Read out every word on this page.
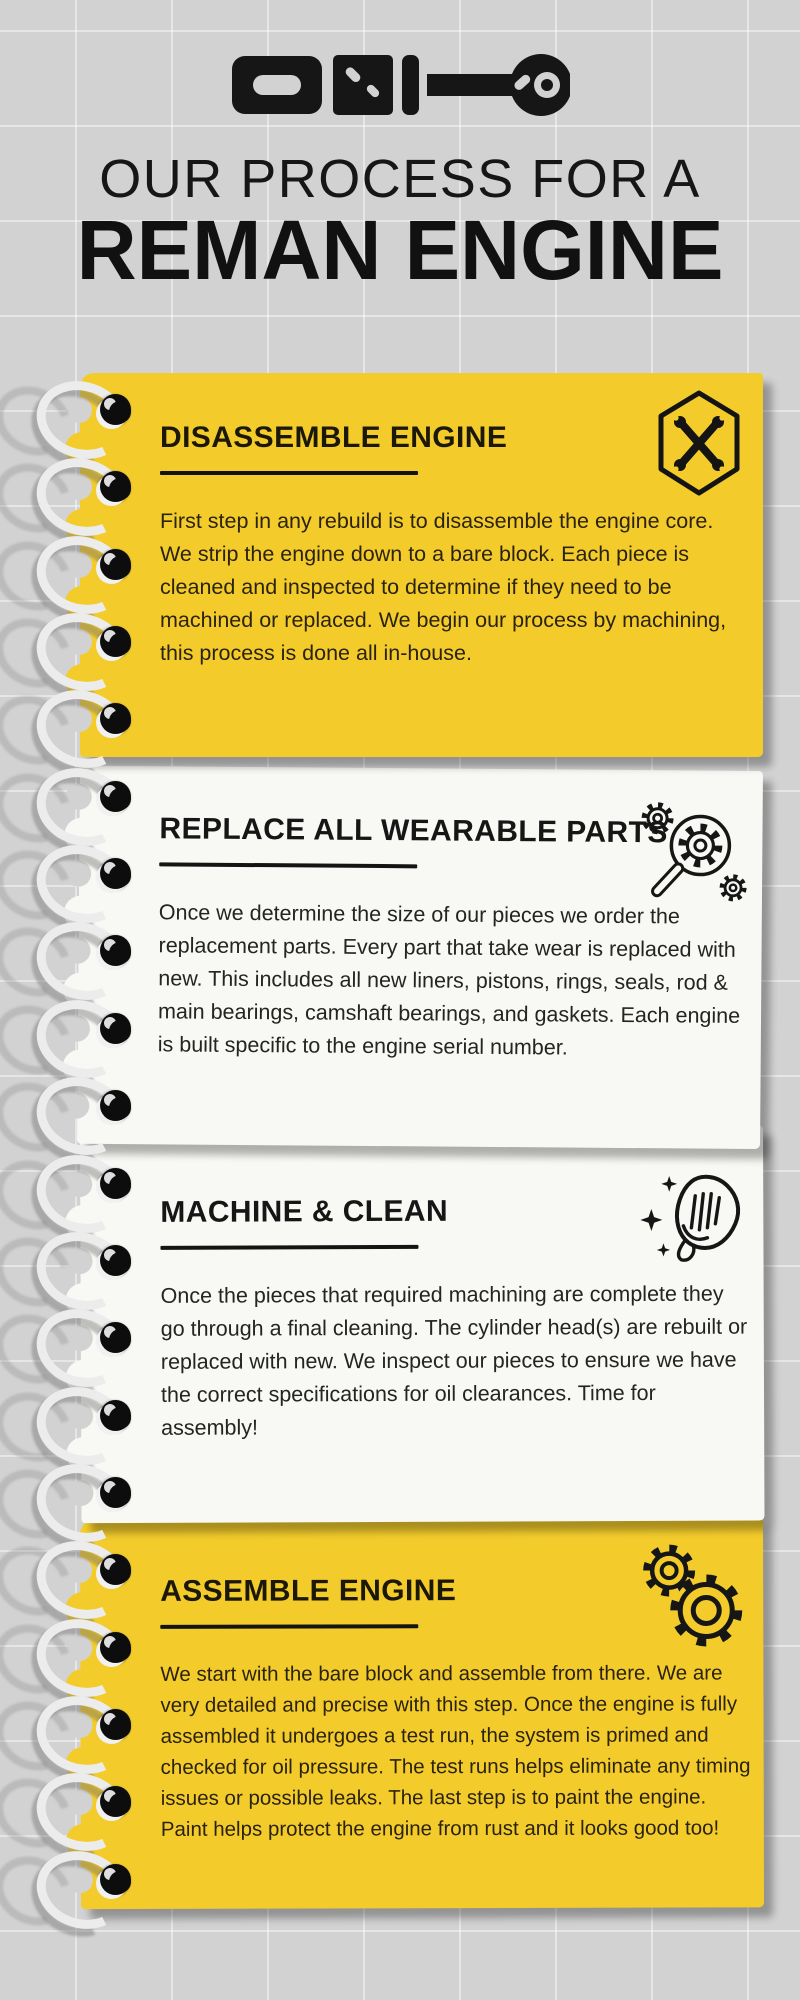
OUR PROCESS FOR A
REMAN ENGINE
DISASSEMBLE ENGINE
First step in any rebuild is to disassemble the engine core. We strip the engine down to a bare block. Each piece is cleaned and inspected to determine if they need to be machined or replaced. We begin our process by machining, this process is done all in-house.
REPLACE ALL WEARABLE PARTS
Once we determine the size of our pieces we order the replacement parts. Every part that take wear is replaced with new. This includes all new liners, pistons, rings, seals, rod & main bearings, camshaft bearings, and gaskets. Each engine is built specific to the engine serial number.
MACHINE & CLEAN
Once the pieces that required machining are complete they go through a final cleaning. The cylinder head(s) are rebuilt or replaced with new. We inspect our pieces to ensure we have the correct specifications for oil clearances. Time for assembly!
ASSEMBLE ENGINE
We start with the bare block and assemble from there. We are very detailed and precise with this step. Once the engine is fully assembled it undergoes a test run, the system is primed and checked for oil pressure. The test runs helps eliminate any timing issues or possible leaks. The last step is to paint the engine. Paint helps protect the engine from rust and it looks good too!
